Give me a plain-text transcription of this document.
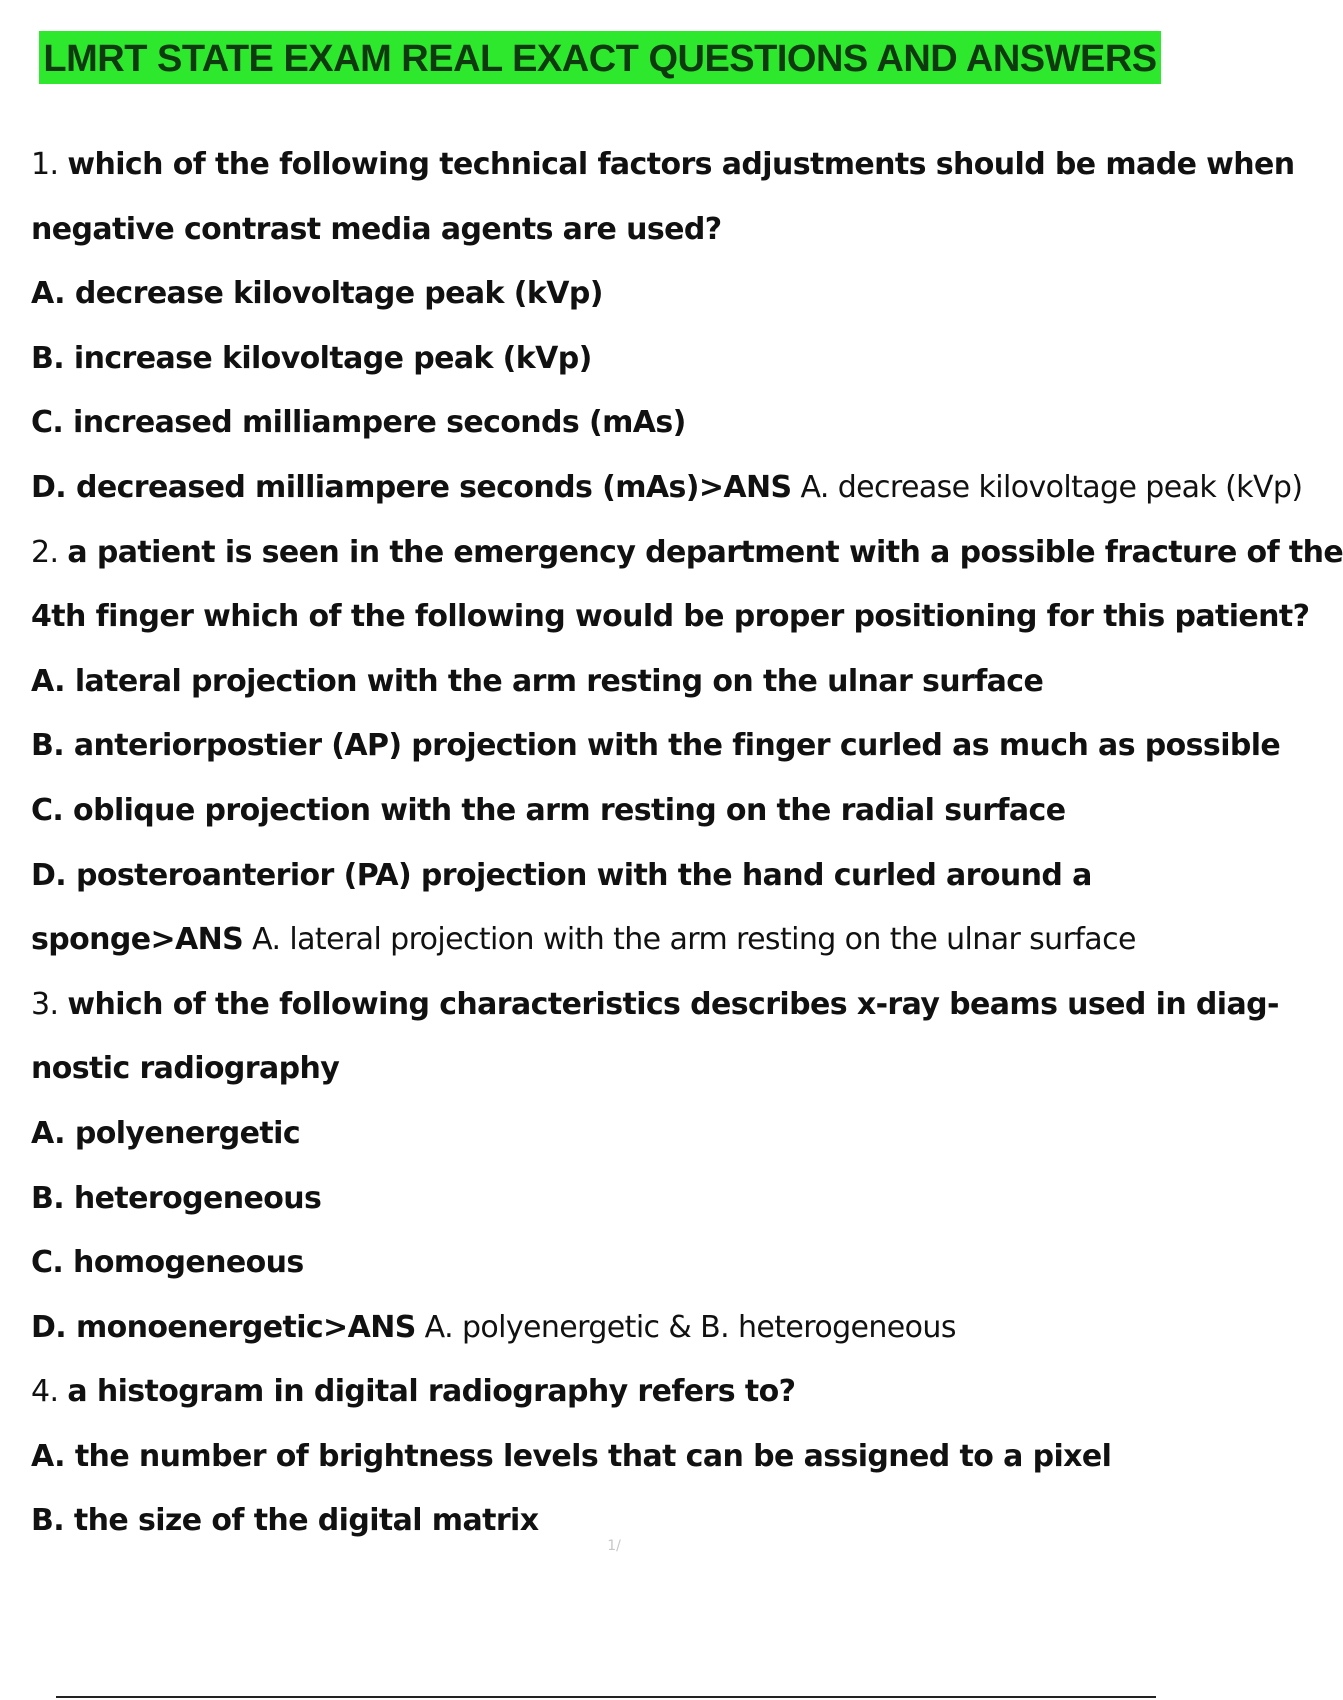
LMRT STATE EXAM REAL EXACT QUESTIONS AND ANSWERS
1. which of the following technical factors adjustments should be made when
negative contrast media agents are used?
A. decrease kilovoltage peak (kVp)
B. increase kilovoltage peak (kVp)
C. increased milliampere seconds (mAs)
D. decreased milliampere seconds (mAs)>ANS A. decrease kilovoltage peak (kVp)
2. a patient is seen in the emergency department with a possible fracture of the
4th finger which of the following would be proper positioning for this patient?
A. lateral projection with the arm resting on the ulnar surface
B. anteriorpostier (AP) projection with the finger curled as much as possible
C. oblique projection with the arm resting on the radial surface
D. posteroanterior (PA) projection with the hand curled around a
sponge>ANS A. lateral projection with the arm resting on the ulnar surface
3. which of the following characteristics describes x-ray beams used in diag-
nostic radiography
A. polyenergetic
B. heterogeneous
C. homogeneous
D. monoenergetic>ANS A. polyenergetic & B. heterogeneous
4. a histogram in digital radiography refers to?
A. the number of brightness levels that can be assigned to a pixel
B. the size of the digital matrix
1/
